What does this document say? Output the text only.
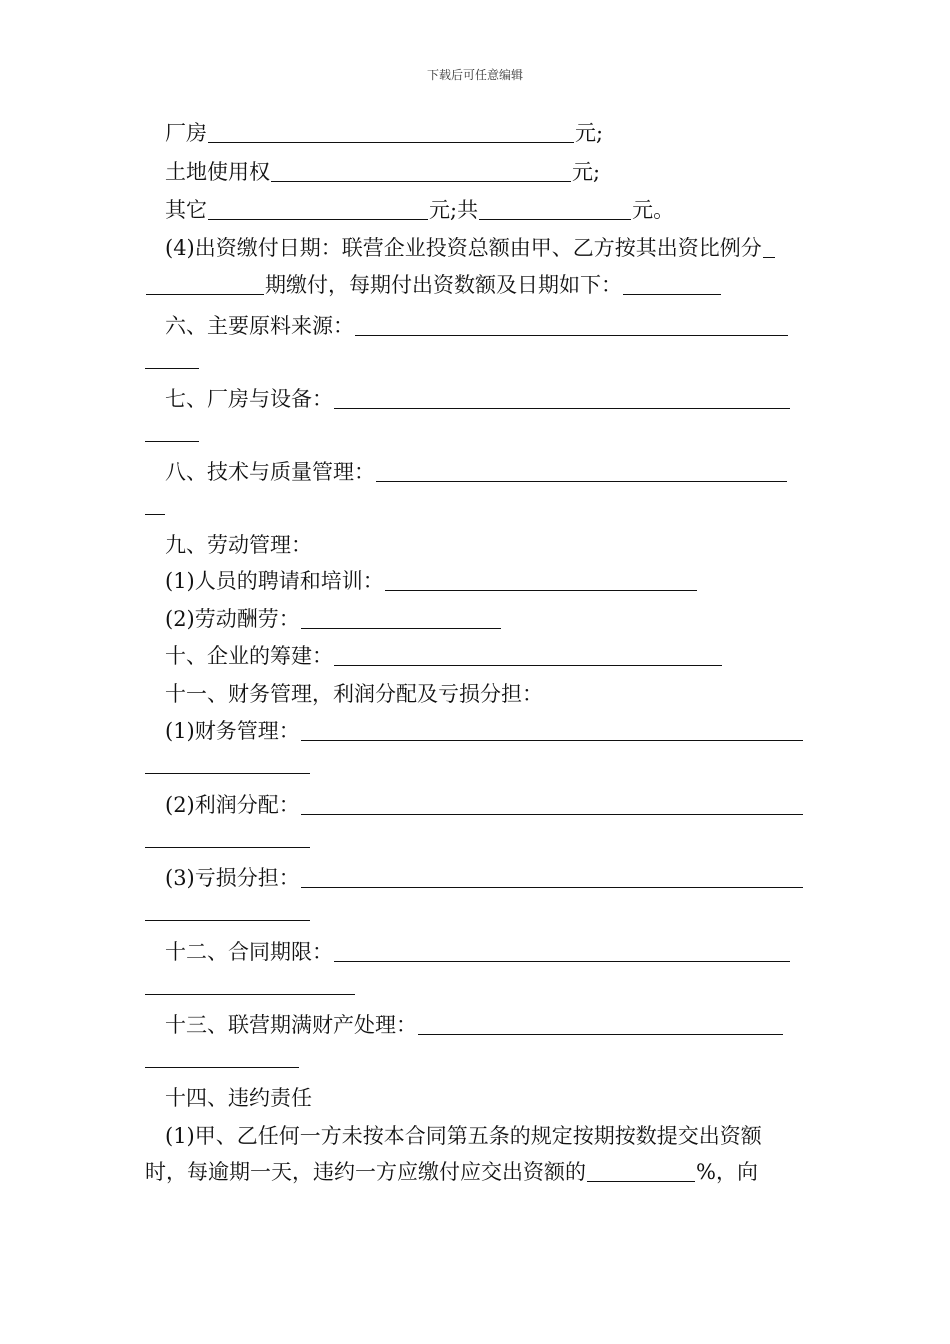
下载后可任意编辑
厂房	元;
土地使用权	元;
其它	元;共	元。
(4)出资缴付日期：联营企业投资总额由甲、乙方按其出资比例分
期缴付，每期付出资数额及日期如下：
六、主要原料来源：
七、厂房与设备：
八、技术与质量管理：
九、劳动管理：
(1)人员的聘请和培训：
(2)劳动酬劳：
十、企业的筹建：
十一、财务管理，利润分配及亏损分担：
(1)财务管理：
(2)利润分配：
(3)亏损分担：
十二、合同期限：
十三、联营期满财产处理：
十四、违约责任
(1)甲、乙任何一方未按本合同第五条的规定按期按数提交出资额
时，每逾期一天，违约一方应缴付应交出资额的	%，向
